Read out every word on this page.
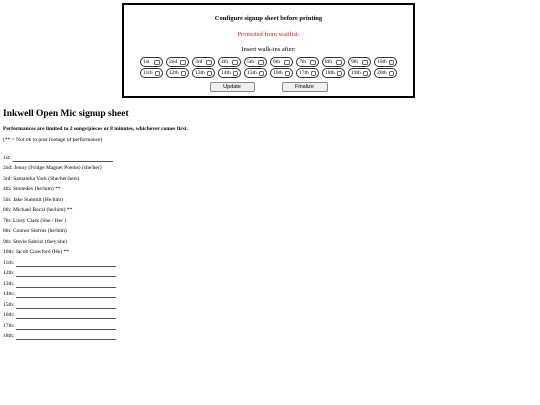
Configure signup sheet before printing
Promoted from waitlist:
Insert walk-ins after:
1st	2nd	3rd	4th	5th	6th	7th	8th	9th	10th
11th	12th	13th	14th	15th	16th	17th	18th	19th	20th
Update	Finalize
Inkwell Open Mic signup sheet
Performances are limited to 2 songs/pieces or 8 minutes, whichever comes first.
(** = Not ok to post footage of performance)
1st:
2nd:
Jenny (Fridge Magnet Poems) (she/her)
3rd:
Samantha York (She/her/hers)
4th:
Stonedex (he/him) **
5th:
Jake Summit (He/him)
6th:
Michael Boczi (he/him) **
7th:
Linsy Clark (She / Her )
8th:
Connor Storms (he/him)
9th:
Stevie Sabrizi (they/she)
10th:
Jacob Crawford (He) **
11th:
12th:
13th:
14th:
15th:
16th:
17th:
18th:
